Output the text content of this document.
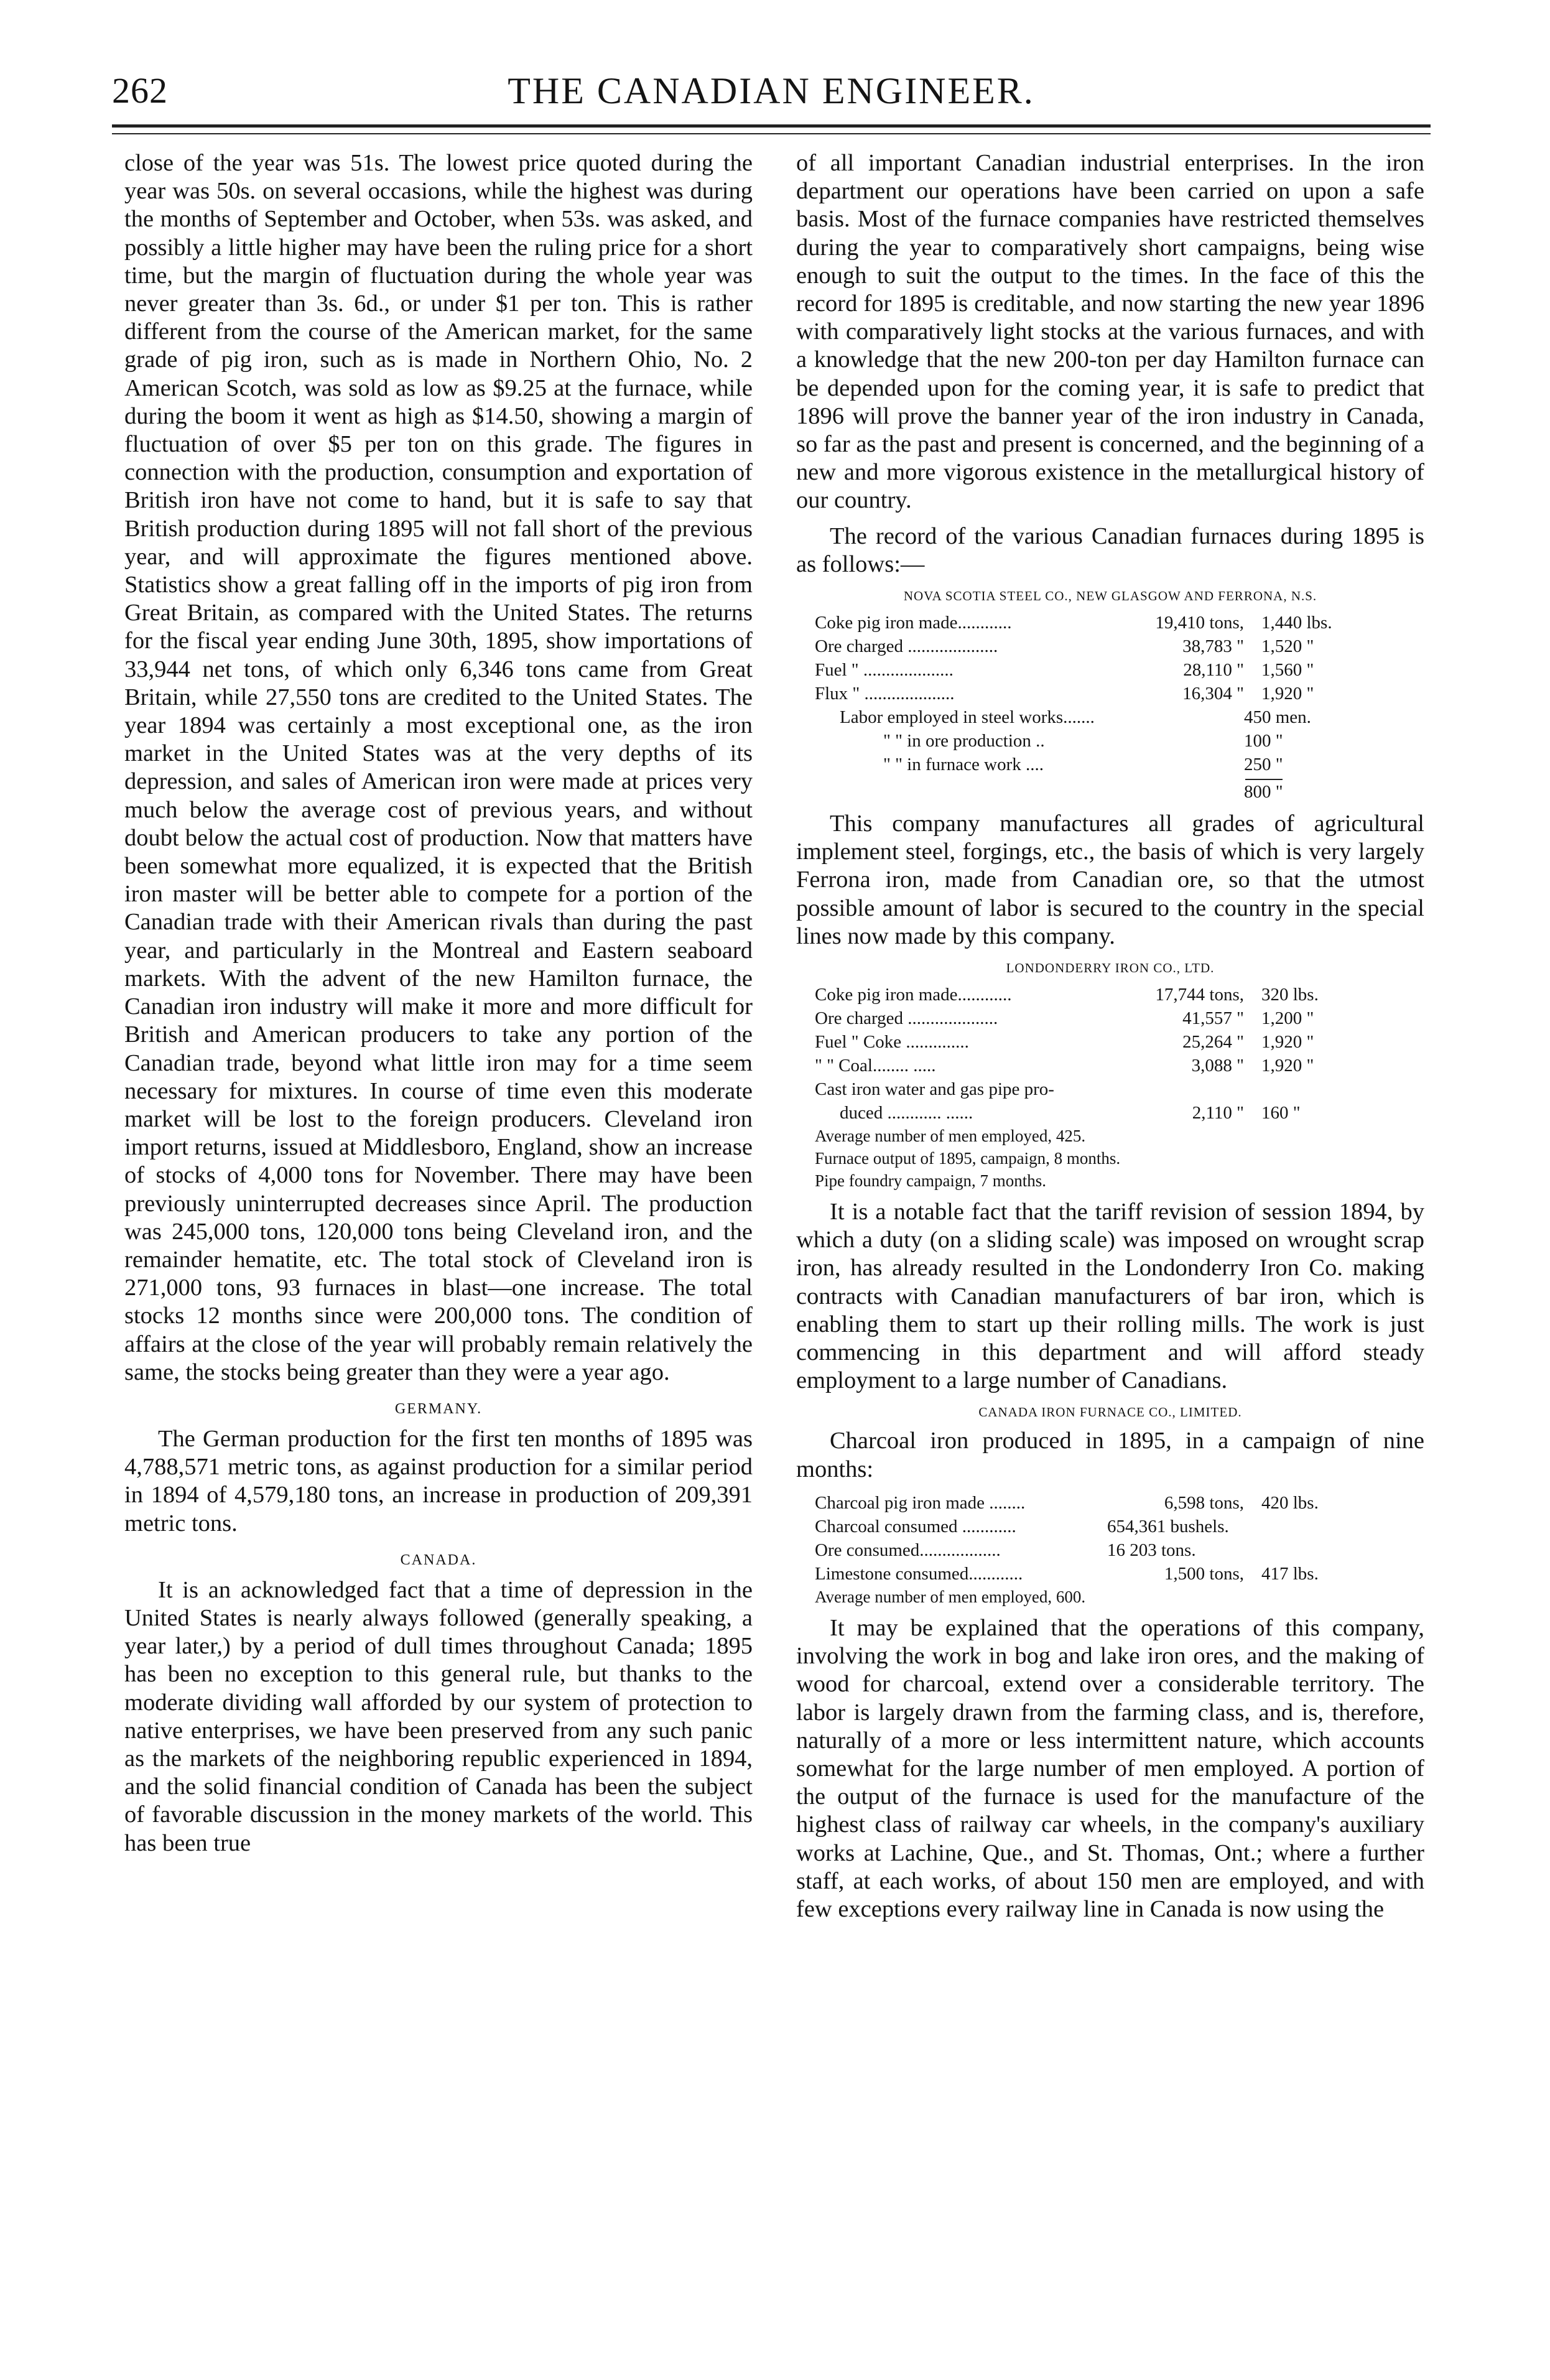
262	THE CANADIAN ENGINEER.

close of the year was 51s. The lowest price quoted during the year was 50s. on several occasions, while the highest was during the months of September and October, when 53s. was asked, and possibly a little higher may have been the ruling price for a short time, but the margin of fluctuation during the whole year was never greater than 3s. 6d., or under $1 per ton. This is rather different from the course of the American market, for the same grade of pig iron, such as is made in Northern Ohio, No. 2 American Scotch, was sold as low as $9.25 at the furnace, while during the boom it went as high as $14.50, showing a margin of fluctuation of over $5 per ton on this grade. The figures in connection with the production, consumption and exportation of British iron have not come to hand, but it is safe to say that British production during 1895 will not fall short of the previous year, and will approximate the figures mentioned above. Statistics show a great falling off in the imports of pig iron from Great Britain, as compared with the United States. The returns for the fiscal year ending June 30th, 1895, show importations of 33,944 net tons, of which only 6,346 tons came from Great Britain, while 27,550 tons are credited to the United States. The year 1894 was certainly a most exceptional one, as the iron market in the United States was at the very depths of its depression, and sales of American iron were made at prices very much below the average cost of previous years, and without doubt below the actual cost of production. Now that matters have been somewhat more equalized, it is expected that the British iron master will be better able to compete for a portion of the Canadian trade with their American rivals than during the past year, and particularly in the Montreal and Eastern seaboard markets. With the advent of the new Hamilton furnace, the Canadian iron industry will make it more and more difficult for British and American producers to take any portion of the Canadian trade, beyond what little iron may for a time seem necessary for mixtures. In course of time even this moderate market will be lost to the foreign producers. Cleveland iron import returns, issued at Middlesboro, England, show an increase of stocks of 4,000 tons for November. There may have been previously uninterrupted decreases since April. The production was 245,000 tons, 120,000 tons being Cleveland iron, and the remainder hematite, etc. The total stock of Cleveland iron is 271,000 tons, 93 furnaces in blast—one increase. The total stocks 12 months since were 200,000 tons. The condition of affairs at the close of the year will probably remain relatively the same, the stocks being greater than they were a year ago.

GERMANY.

The German production for the first ten months of 1895 was 4,788,571 metric tons, as against production for a similar period in 1894 of 4,579,180 tons, an increase in production of 209,391 metric tons.

CANADA.

It is an acknowledged fact that a time of depression in the United States is nearly always followed (generally speaking, a year later,) by a period of dull times throughout Canada; 1895 has been no exception to this general rule, but thanks to the moderate dividing wall afforded by our system of protection to native enterprises, we have been preserved from any such panic as the markets of the neighboring republic experienced in 1894, and the solid financial condition of Canada has been the subject of favorable discussion in the money markets of the world. This has been true

of all important Canadian industrial enterprises. In the iron department our operations have been carried on upon a safe basis. Most of the furnace companies have restricted themselves during the year to comparatively short campaigns, being wise enough to suit the output to the times. In the face of this the record for 1895 is creditable, and now starting the new year 1896 with comparatively light stocks at the various furnaces, and with a knowledge that the new 200-ton per day Hamilton furnace can be depended upon for the coming year, it is safe to predict that 1896 will prove the banner year of the iron industry in Canada, so far as the past and present is concerned, and the beginning of a new and more vigorous existence in the metallurgical history of our country.

The record of the various Canadian furnaces during 1895 is as follows:—

NOVA SCOTIA STEEL CO., NEW GLASGOW AND FERRONA, N.S.
Coke pig iron made............	19,410 tons, 1,440 lbs.
Ore charged ....................	38,783 " 1,520 "
Fuel " ....................	28,110 " 1,560 "
Flux " ....................	16,304 " 1,920 "
Labor employed in steel works.......	450 men.
" " in ore production ..	100 "
" " in furnace work ....	250 "
800 "

This company manufactures all grades of agricultural implement steel, forgings, etc., the basis of which is very largely Ferrona iron, made from Canadian ore, so that the utmost possible amount of labor is secured to the country in the special lines now made by this company.

LONDONDERRY IRON CO., LTD.
Coke pig iron made............	17,744 tons, 320 lbs.
Ore charged ....................	41,557 " 1,200 "
Fuel " Coke ..............	25,264 " 1,920 "
" " Coal........ .....	3,088 " 1,920 "
Cast iron water and gas pipe pro-
duced ............ ......	2,110 " 160 "
Average number of men employed, 425.
Furnace output of 1895, campaign, 8 months.
Pipe foundry campaign, 7 months.

It is a notable fact that the tariff revision of session 1894, by which a duty (on a sliding scale) was imposed on wrought scrap iron, has already resulted in the Londonderry Iron Co. making contracts with Canadian manufacturers of bar iron, which is enabling them to start up their rolling mills. The work is just commencing in this department and will afford steady employment to a large number of Canadians.

CANADA IRON FURNACE CO., LIMITED.

Charcoal iron produced in 1895, in a campaign of nine months:

Charcoal pig iron made ........	6,598 tons, 420 lbs.
Charcoal consumed ............	654,361 bushels.
Ore consumed..................	16 203 tons.
Limestone consumed............	1,500 tons, 417 lbs.
Average number of men employed, 600.

It may be explained that the operations of this company, involving the work in bog and lake iron ores, and the making of wood for charcoal, extend over a considerable territory. The labor is largely drawn from the farming class, and is, therefore, naturally of a more or less intermittent nature, which accounts somewhat for the large number of men employed. A portion of the output of the furnace is used for the manufacture of the highest class of railway car wheels, in the company's auxiliary works at Lachine, Que., and St. Thomas, Ont.; where a further staff, at each works, of about 150 men are employed, and with few exceptions every railway line in Canada is now using the
